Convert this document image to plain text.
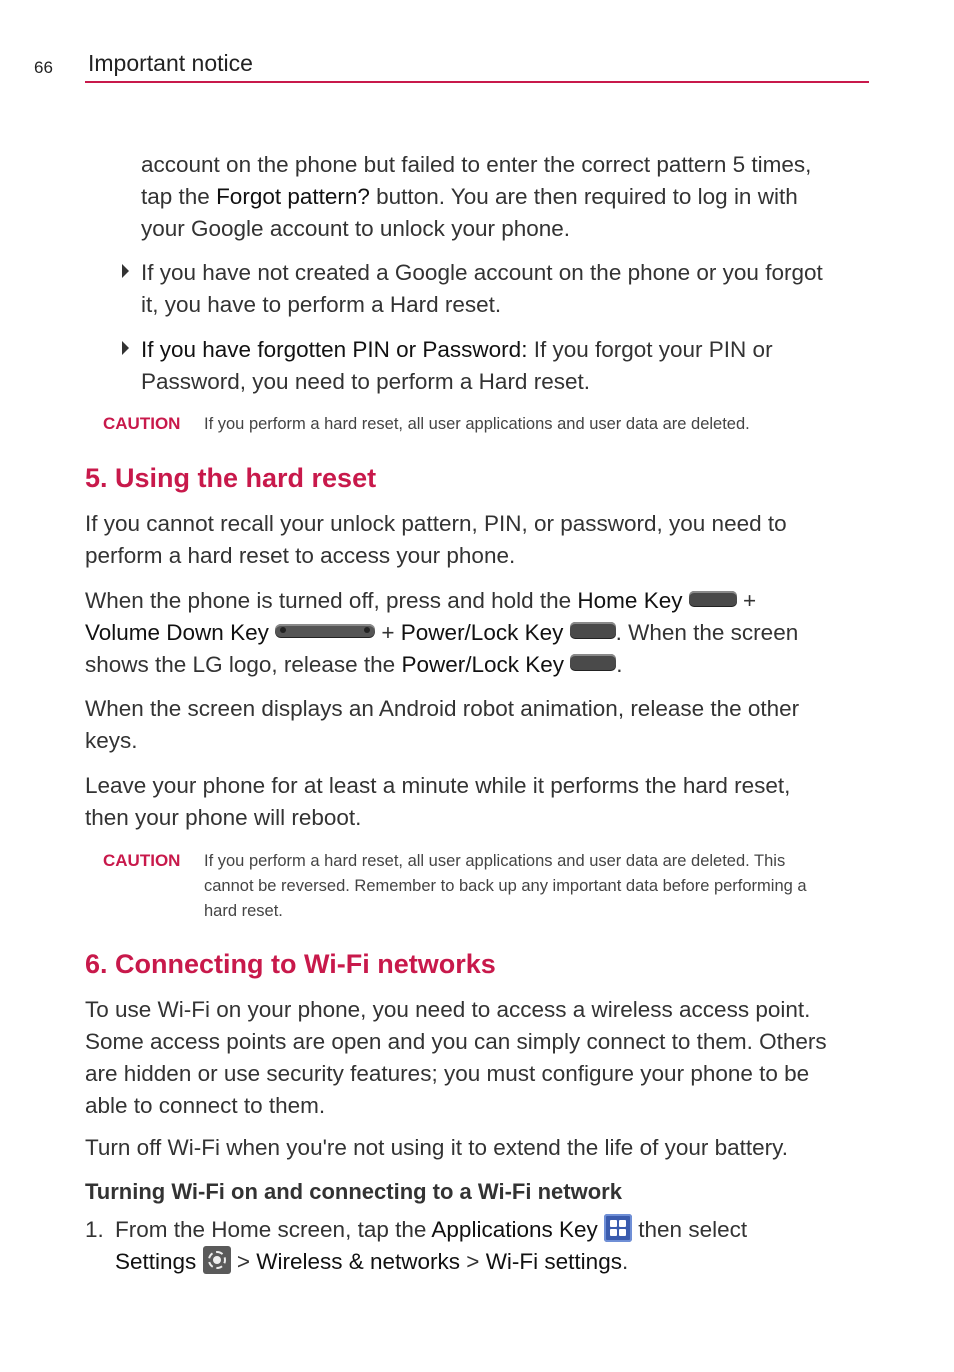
66 Important notice

account on the phone but failed to enter the correct pattern 5 times,
tap the Forgot pattern? button. You are then required to log in with
your Google account to unlock your phone.

If you have not created a Google account on the phone or you forgot
it, you have to perform a Hard reset.
If you have forgotten PIN or Password: If you forgot your PIN or
Password, you need to perform a Hard reset.
CAUTION If you perform a hard reset, all user applications and user data are deleted.

5. Using the hard reset

If you cannot recall your unlock pattern, PIN, or password, you need to
perform a hard reset to access your phone.

When the phone is turned off, press and hold the Home Key  +
Volume Down Key	+ Power/Lock Key . When the screen
shows the LG logo, release the Power/Lock Key .

When the screen displays an Android robot animation, release the other
keys.

Leave your phone for at least a minute while it performs the hard reset,
then your phone will reboot.

CAUTION If you perform a hard reset, all user applications and user data are deleted. This
cannot be reversed. Remember to back up any important data before performing a
hard reset.

6. Connecting to Wi-Fi networks

To use Wi-Fi on your phone, you need to access a wireless access point.
Some access points are open and you can simply connect to them. Others
are hidden or use security features; you must configure your phone to be
able to connect to them.

Turn off Wi-Fi when you're not using it to extend the life of your battery.

Turning Wi-Fi on and connecting to a Wi-Fi network
1. From the Home screen, tap the Applications Key
then select
Settings  > Wireless & networks > Wi-Fi settings.
